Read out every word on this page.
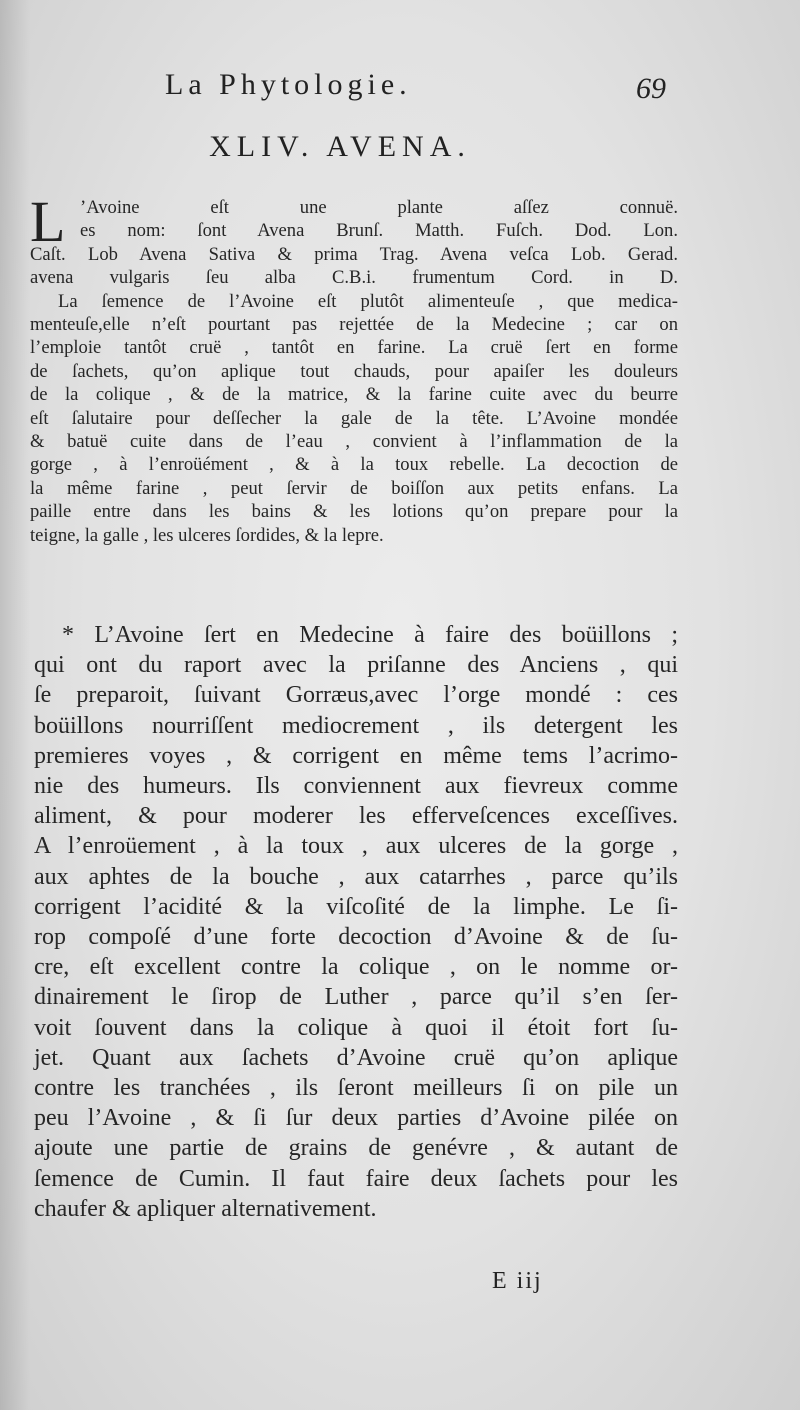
La Phytologie.	69
XLIV. AVENA.
L ’Avoine eſt une plante aſſez connuë.
es nom: ſont Avena Brunſ. Matth. Fuſch. Dod. Lon.
Caſt. Lob Avena Sativa & prima Trag. Avena veſca Lob. Gerad.
avena vulgaris ſeu alba C.B.i. frumentum Cord. in D.
La ſemence de l’Avoine eſt plutôt alimenteuſe , que medica-
menteuſe,elle n’eſt pourtant pas rejettée de la Medecine ; car on
l’emploie tantôt cruë , tantôt en farine. La cruë ſert en forme
de ſachets, qu’on aplique tout chauds, pour apaiſer les douleurs
de la colique , & de la matrice, & la farine cuite avec du beurre
eſt ſalutaire pour deſſecher la gale de la tête. L’Avoine mondée
& batuë cuite dans de l’eau , convient à l’inflammation de la
gorge , à l’enroüément , & à la toux rebelle. La decoction de
la même farine , peut ſervir de boiſſon aux petits enfans. La
paille entre dans les bains & les lotions qu’on prepare pour la
teigne, la galle , les ulceres ſordides, & la lepre.
* L’Avoine ſert en Medecine à faire des boüillons ;
qui ont du raport avec la priſanne des Anciens , qui
ſe preparoit, ſuivant Gorræus,avec l’orge mondé : ces
boüillons nourriſſent mediocrement , ils detergent les
premieres voyes , & corrigent en même tems l’acrimo-
nie des humeurs. Ils conviennent aux fievreux comme
aliment, & pour moderer les efferveſcences exceſſives.
A l’enroüement , à la toux , aux ulceres de la gorge ,
aux aphtes de la bouche , aux catarrhes , parce qu’ils
corrigent l’acidité & la viſcoſité de la limphe. Le ſi-
rop compoſé d’une forte decoction d’Avoine & de ſu-
cre, eſt excellent contre la colique , on le nomme or-
dinairement le ſirop de Luther , parce qu’il s’en ſer-
voit ſouvent dans la colique à quoi il étoit fort ſu-
jet. Quant aux ſachets d’Avoine cruë qu’on aplique
contre les tranchées , ils ſeront meilleurs ſi on pile un
peu l’Avoine , & ſi ſur deux parties d’Avoine pilée on
ajoute une partie de grains de genévre , & autant de
ſemence de Cumin. Il faut faire deux ſachets pour les
chaufer & apliquer alternativement.
E iij
